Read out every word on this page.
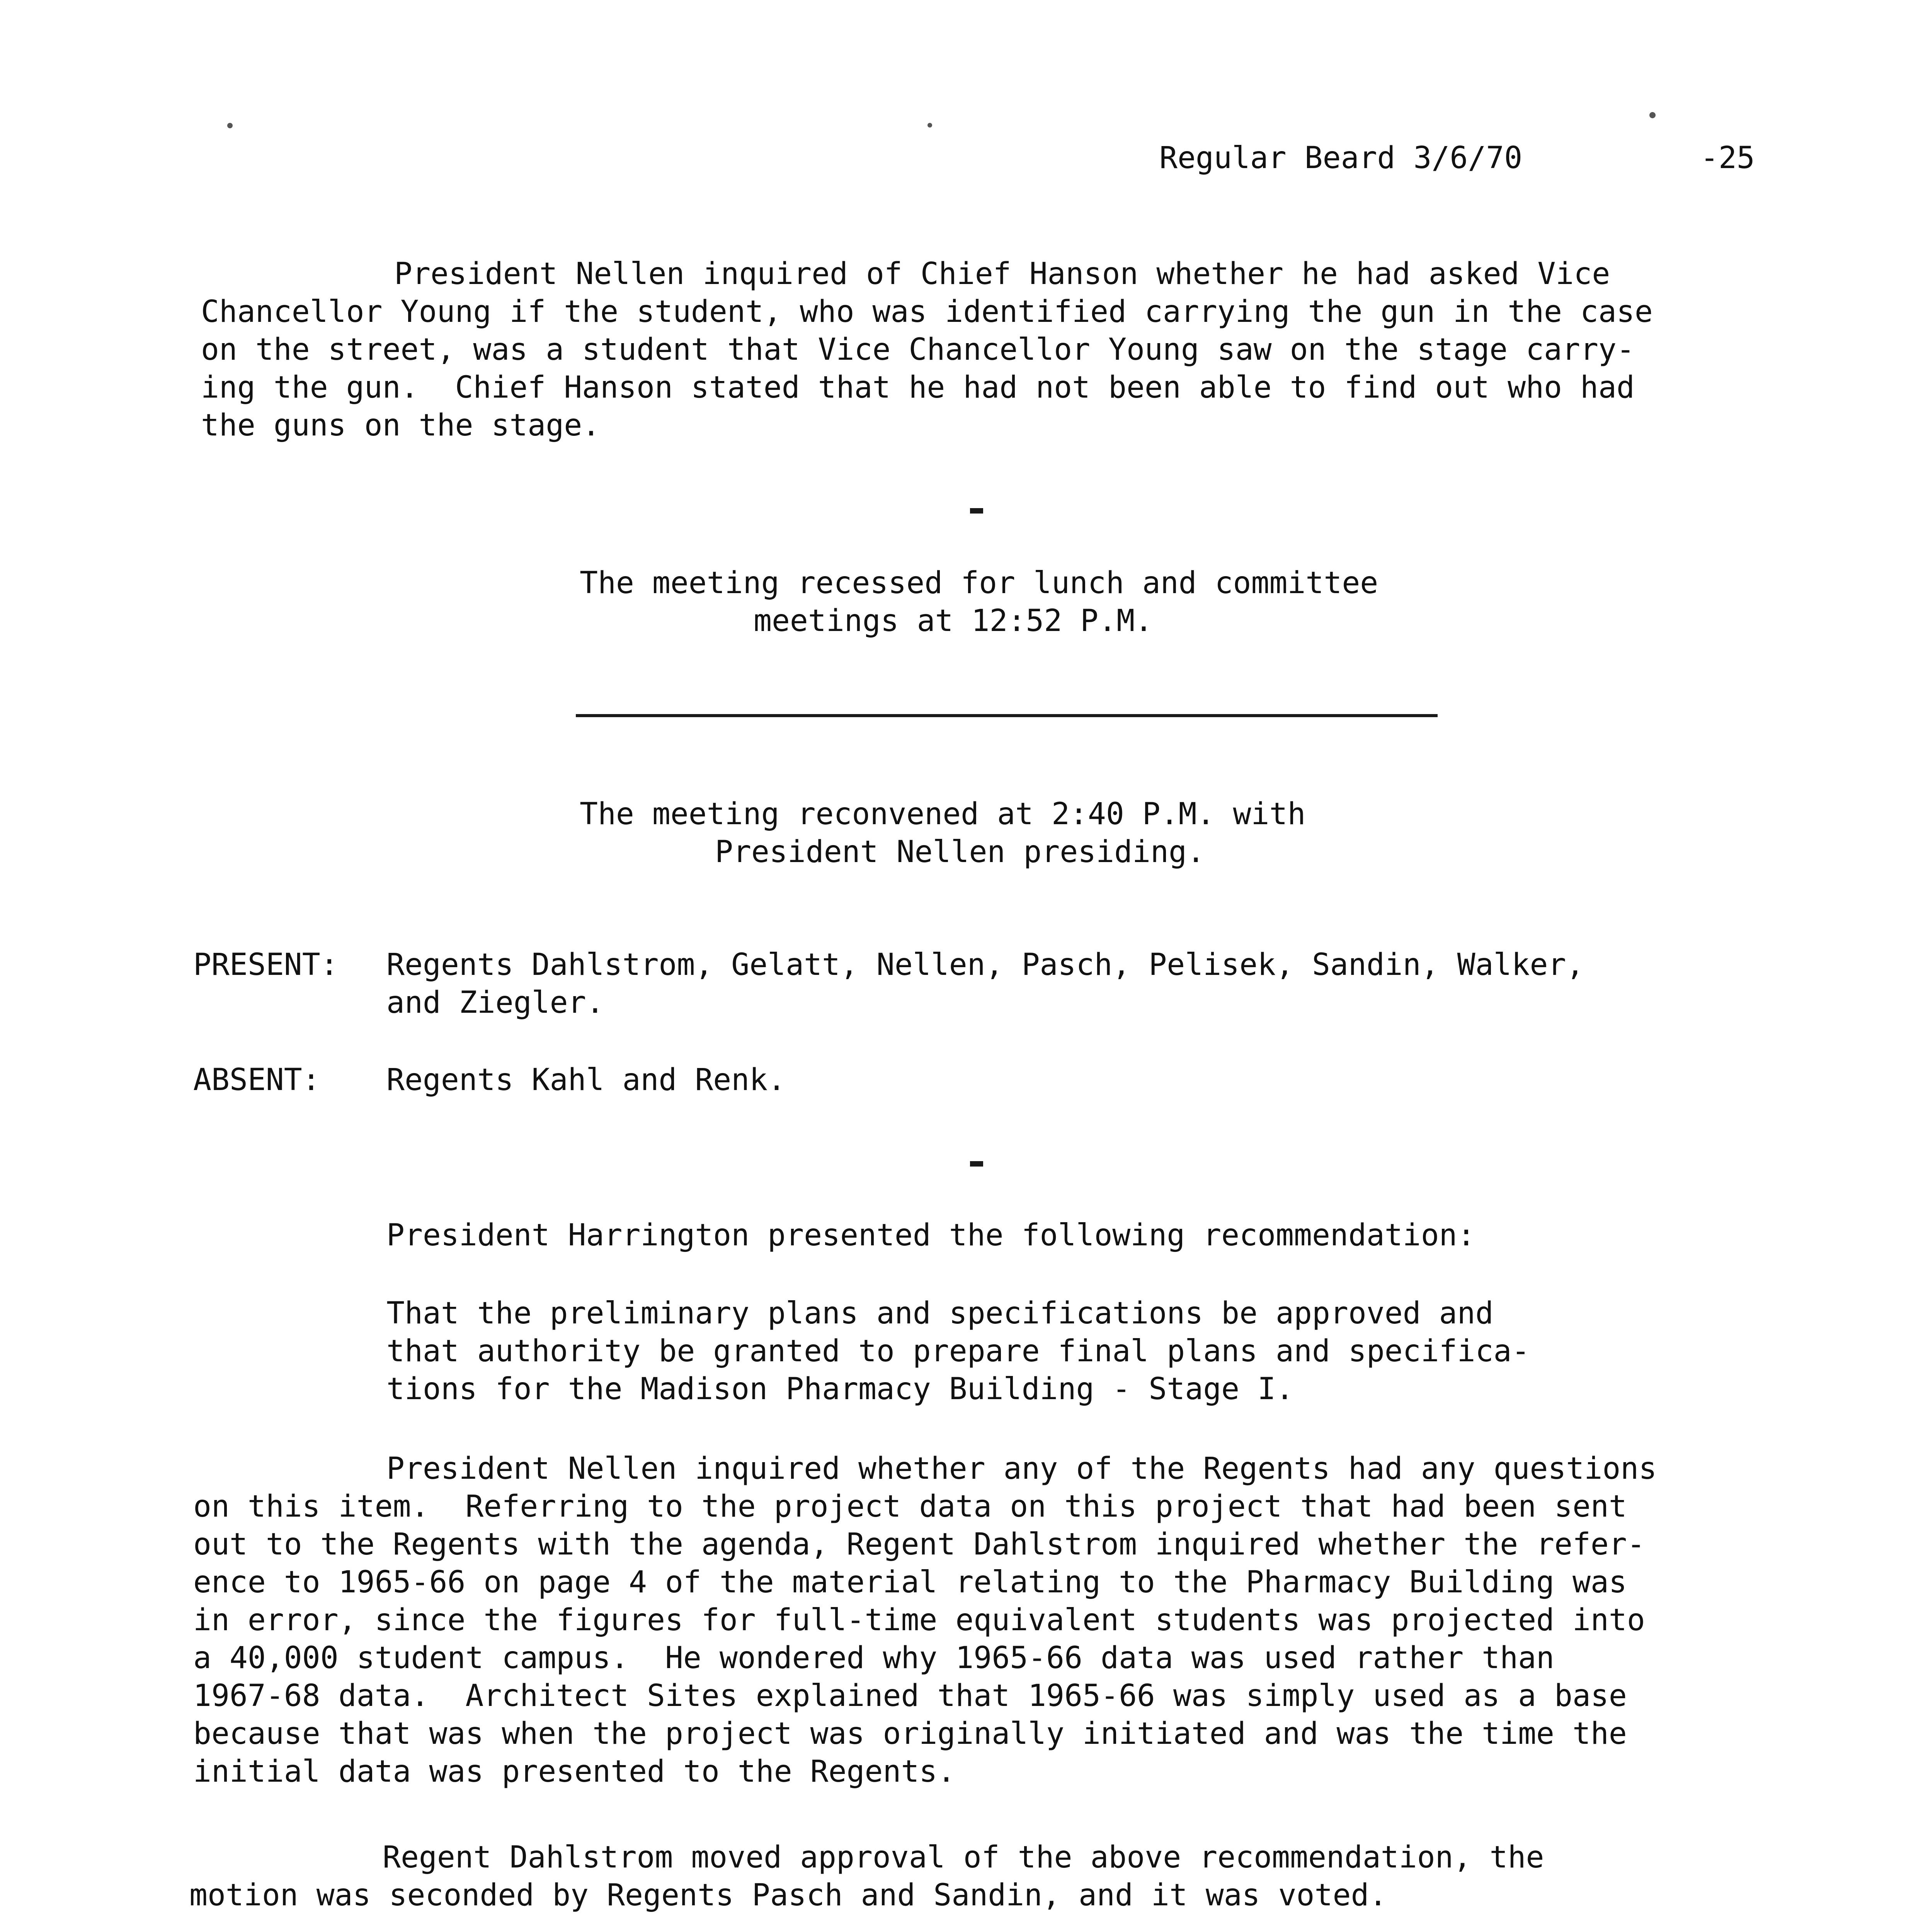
Regular Beard 3/6/70	-25
President Nellen inquired of Chief Hanson whether he had asked Vice
Chancellor Young if the student, who was identified carrying the gun in the case
on the street, was a student that Vice Chancellor Young saw on the stage carry-
ing the gun.  Chief Hanson stated that he had not been able to find out who had
the guns on the stage.
The meeting recessed for lunch and committee
meetings at 12:52 P.M.
The meeting reconvened at 2:40 P.M. with
President Nellen presiding.
PRESENT: Regents Dahlstrom, Gelatt, Nellen, Pasch, Pelisek, Sandin, Walker,
and Ziegler.
ABSENT: Regents Kahl and Renk.
President Harrington presented the following recommendation:
That the preliminary plans and specifications be approved and
that authority be granted to prepare final plans and specifica-
tions for the Madison Pharmacy Building - Stage I.
President Nellen inquired whether any of the Regents had any questions
on this item.  Referring to the project data on this project that had been sent
out to the Regents with the agenda, Regent Dahlstrom inquired whether the refer-
ence to 1965-66 on page 4 of the material relating to the Pharmacy Building was
in error, since the figures for full-time equivalent students was projected into
a 40,000 student campus.  He wondered why 1965-66 data was used rather than
1967-68 data.  Architect Sites explained that 1965-66 was simply used as a base
because that was when the project was originally initiated and was the time the
initial data was presented to the Regents.
Regent Dahlstrom moved approval of the above recommendation, the
motion was seconded by Regents Pasch and Sandin, and it was voted.
